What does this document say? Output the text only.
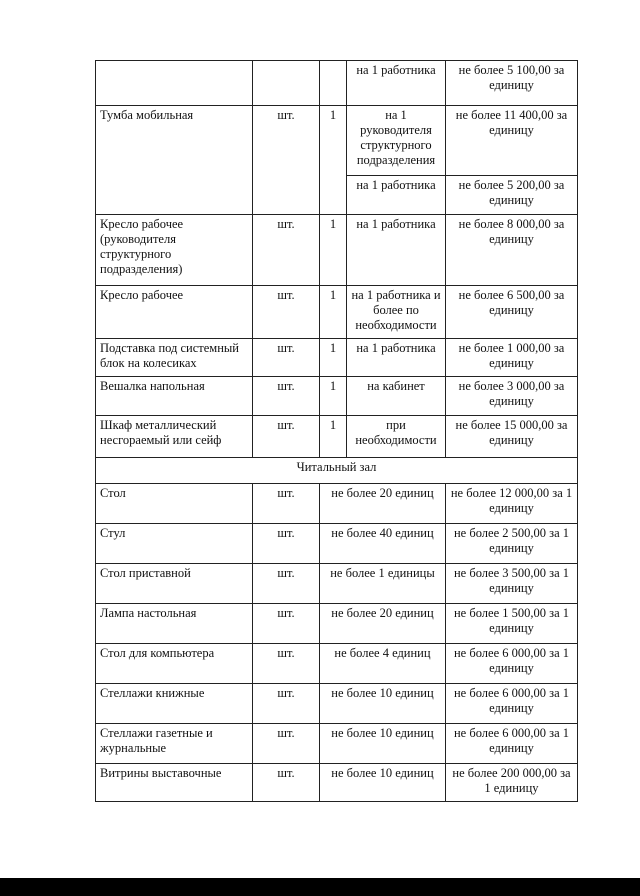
			на 1 работника	не более 5 100,00 за единицу
Тумба мобильная	шт.	1	на 1 руководителя структурного подразделения	не более 11 400,00 за единицу
			на 1 работника	не более 5 200,00 за единицу
Кресло рабочее (руководителя структурного подразделения)	шт.	1	на 1 работника	не более 8 000,00 за единицу
Кресло рабочее	шт.	1	на 1 работника и более по необходимости	не более 6 500,00 за единицу
Подставка под системный блок на колесиках	шт.	1	на 1 работника	не более 1 000,00 за единицу
Вешалка напольная	шт.	1	на кабинет	не более 3 000,00 за единицу
Шкаф металлический несгораемый или сейф	шт.	1	при необходимости	не более 15 000,00 за единицу
Читальный зал				
Стол	шт.	не более 20 единиц		не более 12 000,00 за 1 единицу
Стул	шт.	не более 40 единиц		не более 2 500,00 за 1 единицу
Стол приставной	шт.	не более 1 единицы		не более 3 500,00 за 1 единицу
Лампа настольная	шт.	не более 20 единиц		не более 1 500,00 за 1 единицу
Стол для компьютера	шт.	не более 4 единиц		не более 6 000,00 за 1 единицу
Стеллажи книжные	шт.	не более 10 единиц		не более 6 000,00 за 1 единицу
Стеллажи газетные и журнальные	шт.	не более 10 единиц		не более 6 000,00 за 1 единицу
Витрины выставочные	шт.	не более 10 единиц		не более 200 000,00 за 1 единицу
